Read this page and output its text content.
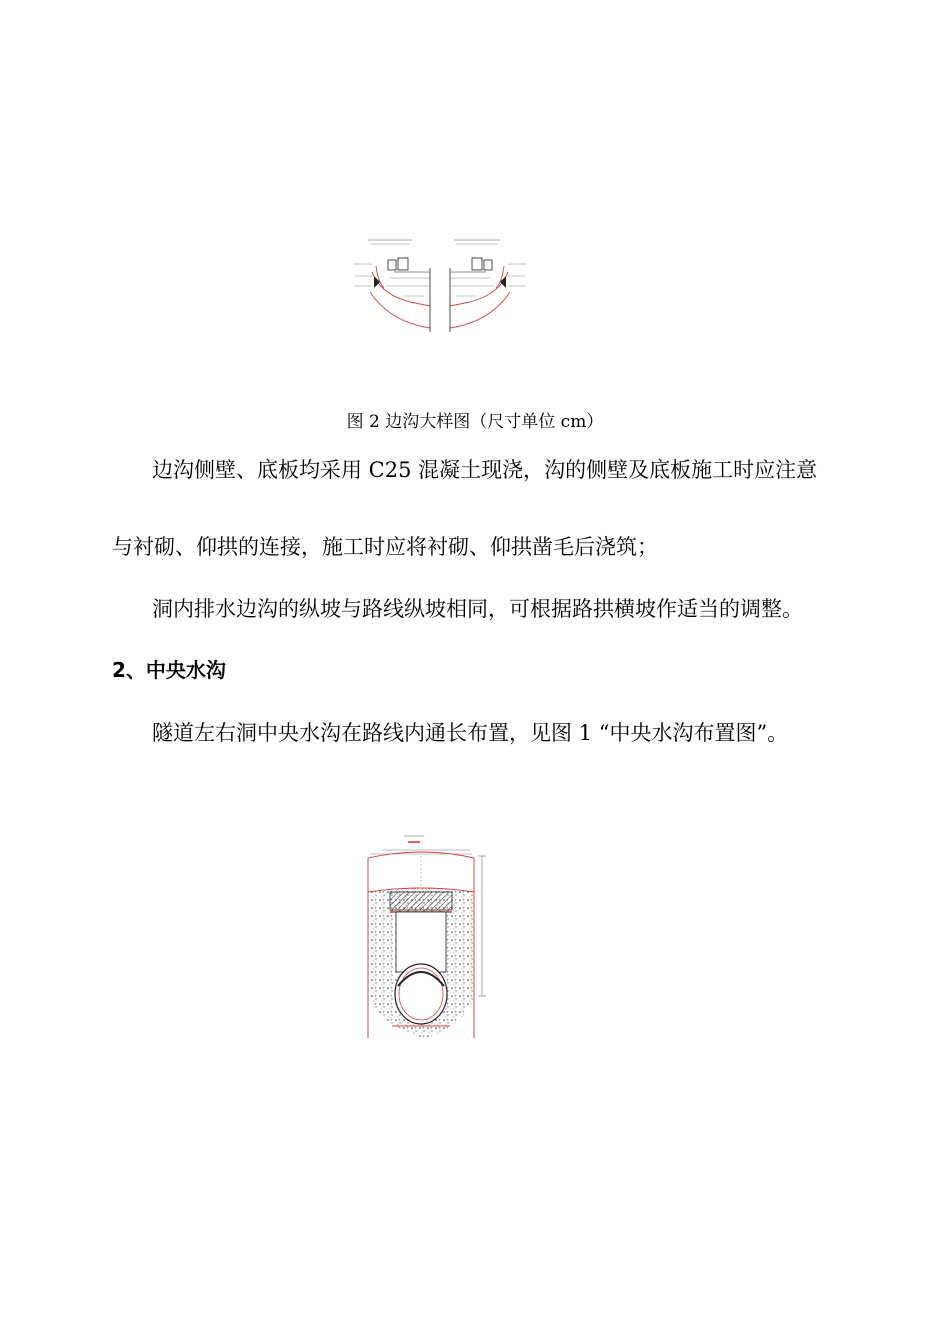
图 2 边沟大样图（尺寸单位 cm）
边沟侧壁、底板均采用 C25 混凝土现浇，沟的侧壁及底板施工时应注意
与衬砌、仰拱的连接，施工时应将衬砌、仰拱凿毛后浇筑；
洞内排水边沟的纵坡与路线纵坡相同，可根据路拱横坡作适当的调整。
2、中央水沟
隧道左右洞中央水沟在路线内通长布置，见图 1 “中央水沟布置图”。
